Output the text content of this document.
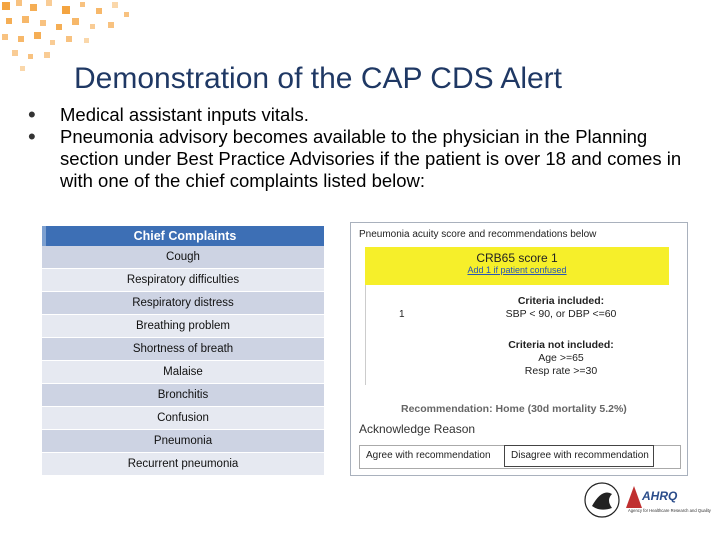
Demonstration of the CAP CDS Alert

• Medical assistant inputs vitals.

• Pneumonia advisory becomes available to the physician in the Planning section under Best Practice Advisories if the patient is over 18 and comes in with one of the chief complaints listed below:

Chief Complaints
Cough
Respiratory difficulties
Respiratory distress
Breathing problem
Shortness of breath
Malaise
Bronchitis
Confusion
Pneumonia
Recurrent pneumonia
Pneumonia acuity score and recommendations below
CRB65 score 1
Add 1 if patient confused
1
Criteria included:
SBP < 90, or DBP <=60
Criteria not included:
Age >=65
Resp rate >=30
Recommendation: Home (30d mortality 5.2%)
Acknowledge Reason
Agree with recommendation	Disagree with recommendation
AHRQ
Agency for Healthcare Research and Quality
